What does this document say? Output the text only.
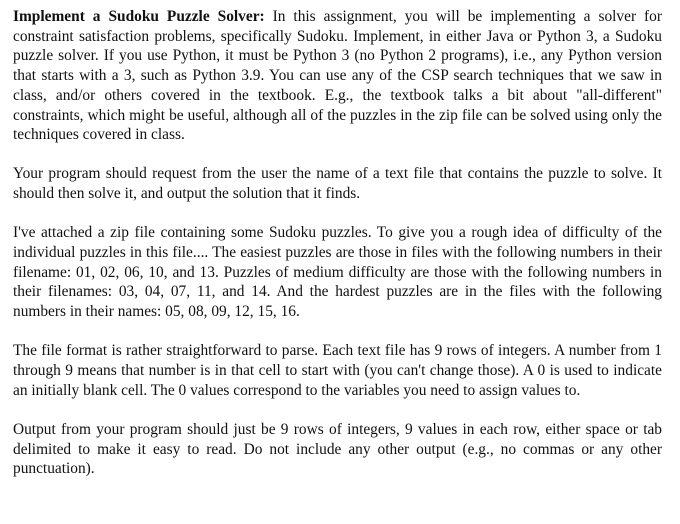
Implement a Sudoku Puzzle Solver: In this assignment, you will be implementing a solver for constraint satisfaction problems, specifically Sudoku. Implement, in either Java or Python 3, a Sudoku puzzle solver. If you use Python, it must be Python 3 (no Python 2 programs), i.e., any Python version that starts with a 3, such as Python 3.9. You can use any of the CSP search techniques that we saw in class, and/or others covered in the textbook. E.g., the textbook talks a bit about "all-different" constraints, which might be useful, although all of the puzzles in the zip file can be solved using only the techniques covered in class.

Your program should request from the user the name of a text file that contains the puzzle to solve. It should then solve it, and output the solution that it finds.

I've attached a zip file containing some Sudoku puzzles. To give you a rough idea of difficulty of the individual puzzles in this file.... The easiest puzzles are those in files with the following numbers in their filename: 01, 02, 06, 10, and 13. Puzzles of medium difficulty are those with the following numbers in their filenames: 03, 04, 07, 11, and 14. And the hardest puzzles are in the files with the following numbers in their names: 05, 08, 09, 12, 15, 16.

The file format is rather straightforward to parse. Each text file has 9 rows of integers. A number from 1 through 9 means that number is in that cell to start with (you can't change those). A 0 is used to indicate an initially blank cell. The 0 values correspond to the variables you need to assign values to.

Output from your program should just be 9 rows of integers, 9 values in each row, either space or tab delimited to make it easy to read. Do not include any other output (e.g., no commas or any other punctuation).
